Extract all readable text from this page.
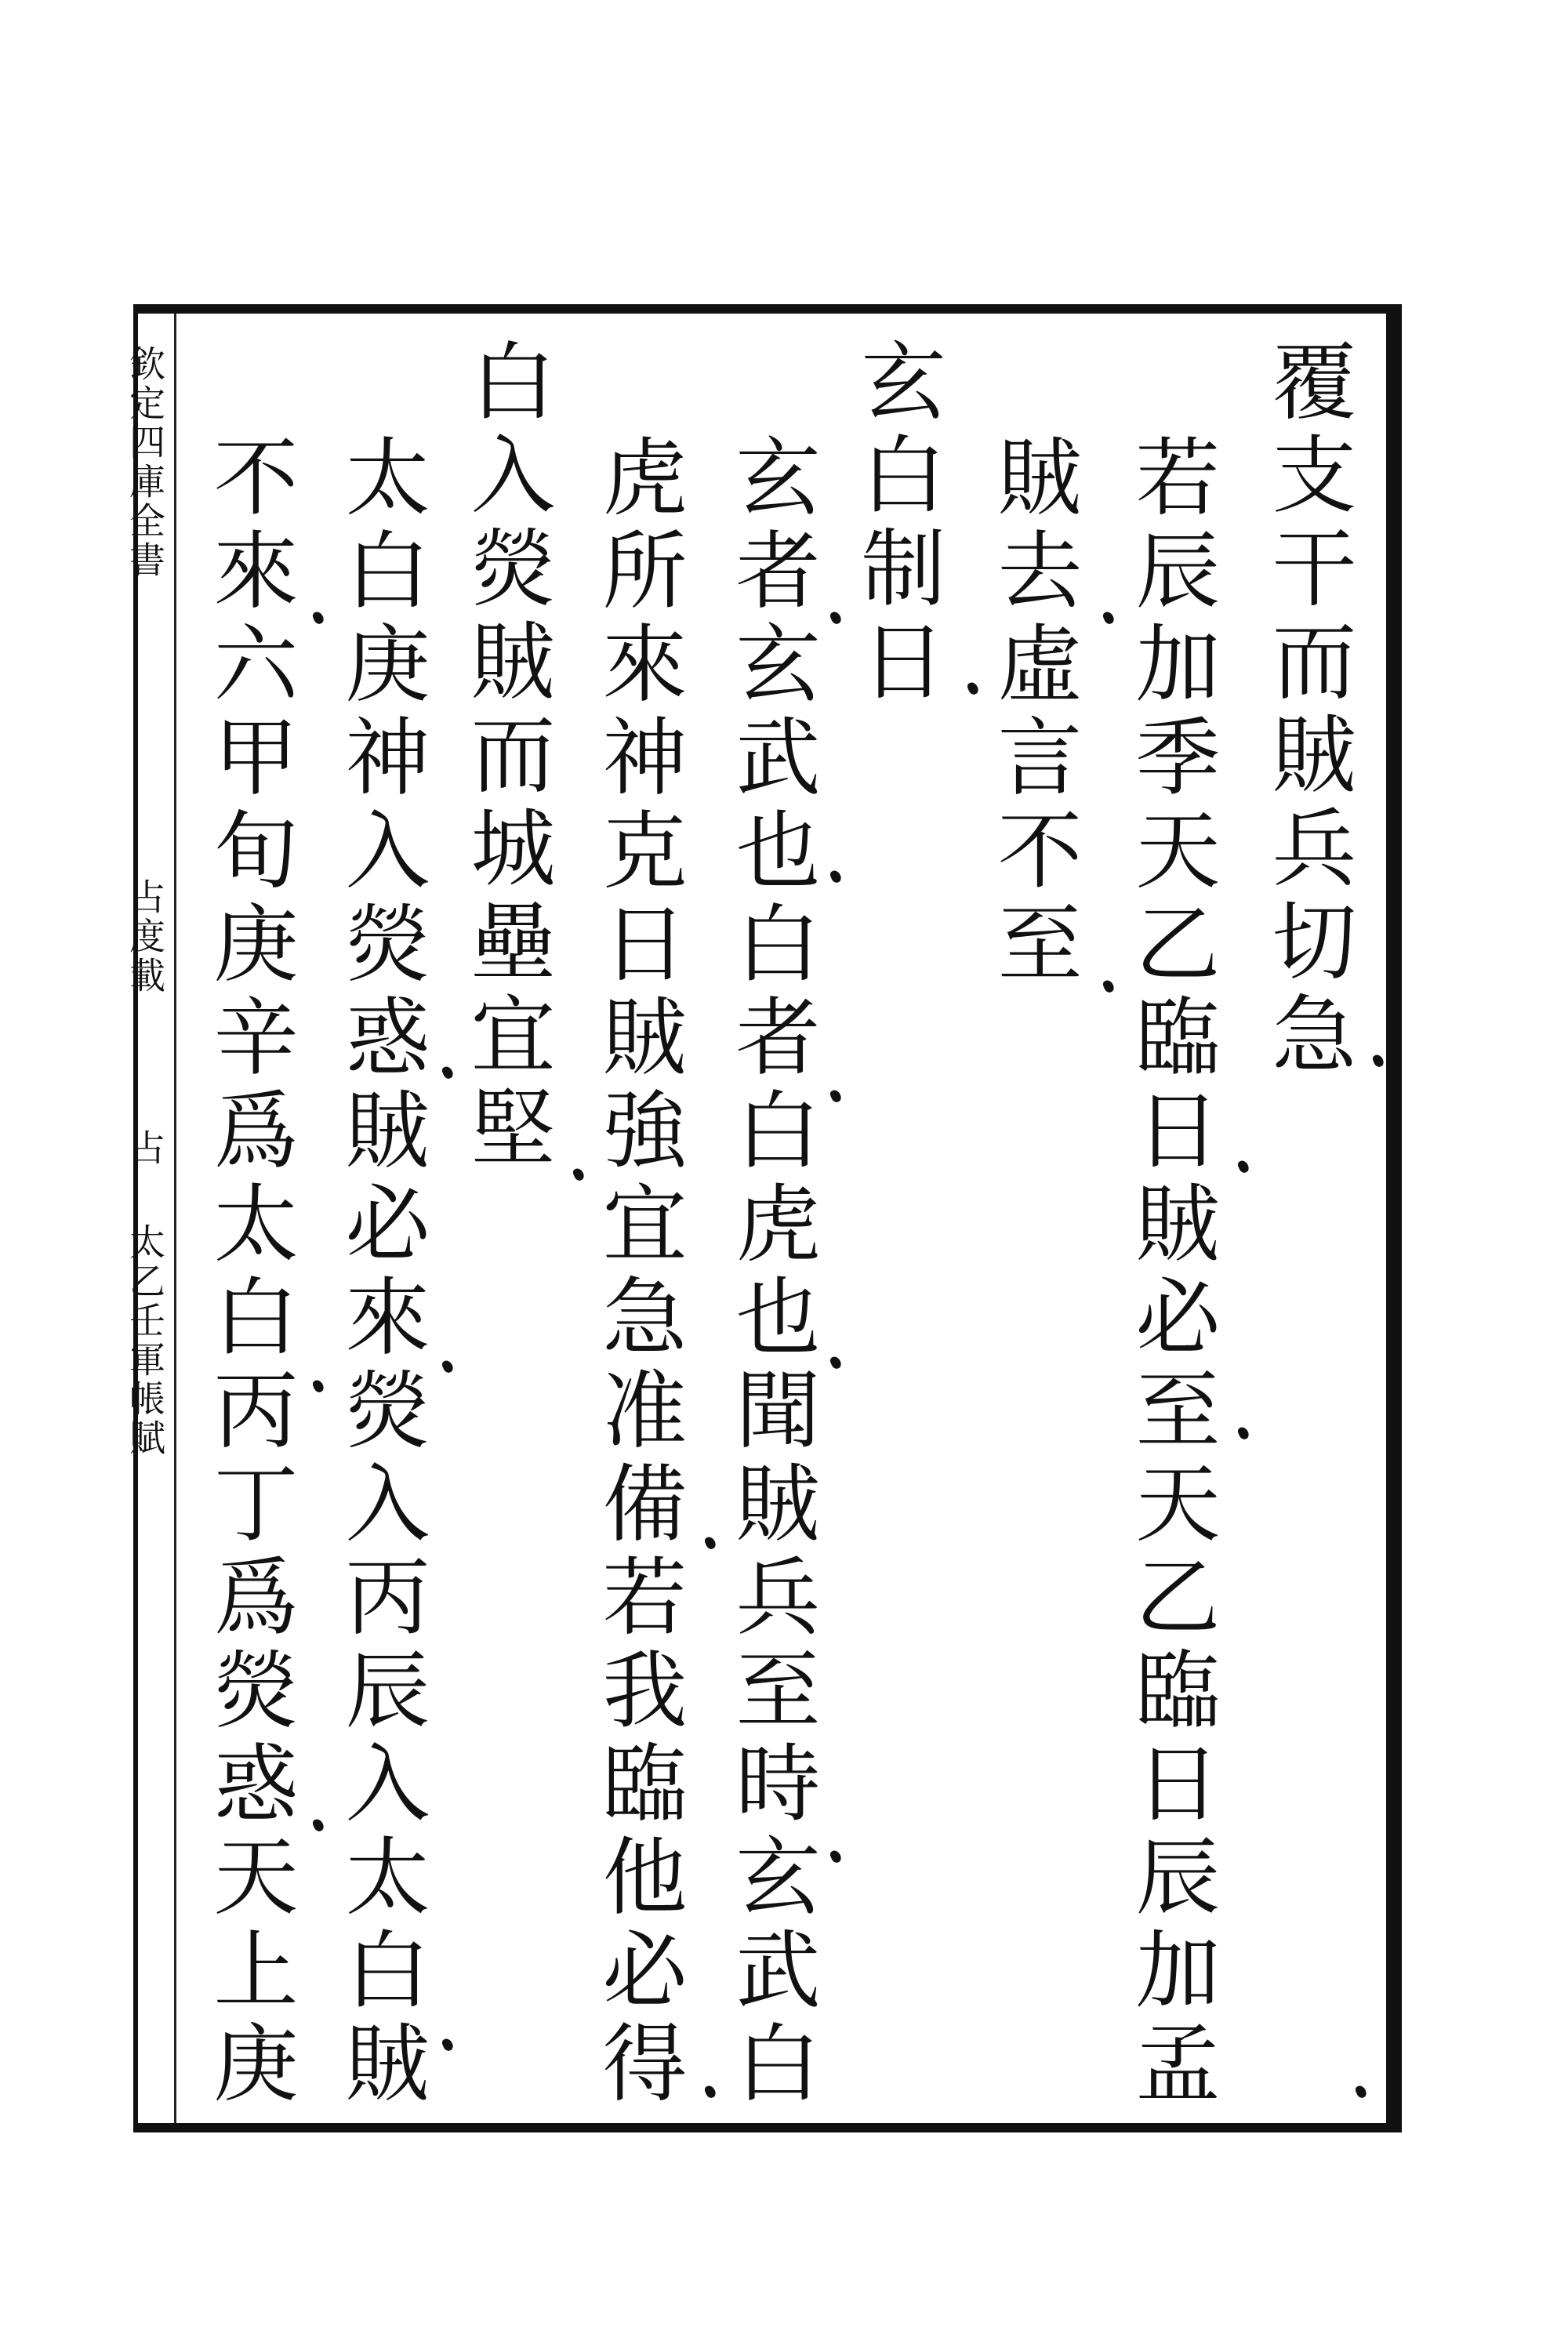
覆支干而賊兵切急
若辰加季天乙臨日賊必至天乙臨日辰加孟
賊去虛言不至
玄白制日
玄者玄武也白者白虎也聞賊兵至時玄武白
虎所來神克日賊強宜急准備若我臨他必得
白入熒賊而城壘宜堅
太白庚神入熒惑賊必來熒入丙辰入太白賊
不來六甲旬庚辛爲太白丙丁爲熒惑天上庚
欽定四庫全書
占度載
占
太乙壬軍帳賦
